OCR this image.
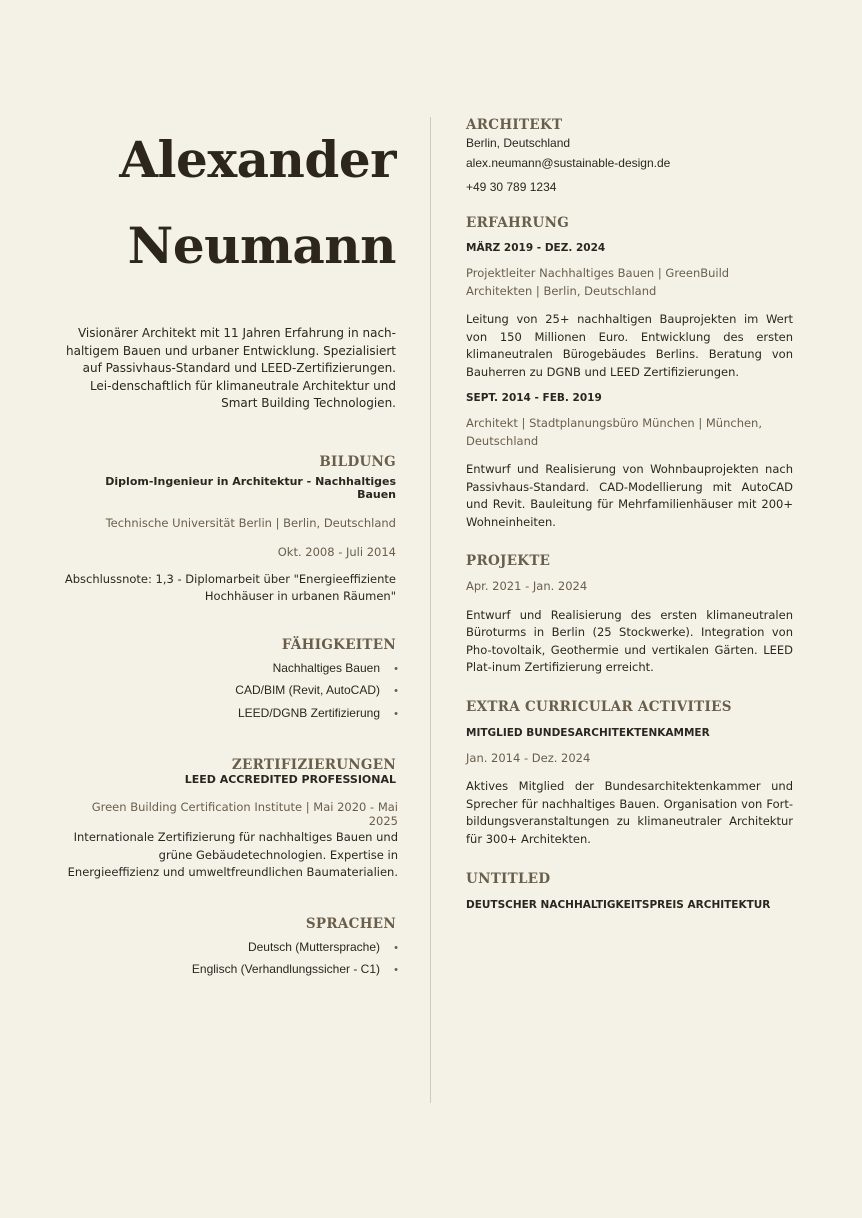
Alexander
Neumann
Visionärer Architekt mit 11 Jahren Erfahrung in nach-haltigem Bauen und urbaner Entwicklung. Spezialisiert auf Passivhaus-Standard und LEED-Zertifizierungen. Lei-denschaftlich für klimaneutrale Architektur und Smart Building Technologien.
BILDUNG
Diplom-Ingenieur in Architektur - Nachhaltiges Bauen
Technische Universität Berlin | Berlin, Deutschland
Okt. 2008 - Juli 2014
Abschlussnote: 1,3 - Diplomarbeit über "Energieeffiziente Hochhäuser in urbanen Räumen"
FÄHIGKEITEN
Nachhaltiges Bauen •
CAD/BIM (Revit, AutoCAD) •
LEED/DGNB Zertifizierung •
ZERTIFIZIERUNGEN
LEED ACCREDITED PROFESSIONAL
Green Building Certification Institute | Mai 2020 - Mai 2025
Internationale Zertifizierung für nachhaltiges Bauen und grüne Gebäudetechnologien. Expertise in Energieeffizienz und umweltfreundlichen Baumaterialien.
SPRACHEN
Deutsch (Muttersprache) •
Englisch (Verhandlungssicher - C1) •
ARCHITEKT
Berlin, Deutschland
alex.neumann@sustainable-design.de
+49 30 789 1234
ERFAHRUNG
MÄRZ 2019 - DEZ. 2024
Projektleiter Nachhaltiges Bauen | GreenBuild Architekten | Berlin, Deutschland
Leitung von 25+ nachhaltigen Bauprojekten im Wert von 150 Millionen Euro. Entwicklung des ersten klimaneutralen Bürogebäudes Berlins. Beratung von Bauherren zu DGNB und LEED Zertifizierungen.
SEPT. 2014 - FEB. 2019
Architekt | Stadtplanungsbüro München | München, Deutschland
Entwurf und Realisierung von Wohnbauprojekten nach Passivhaus-Standard. CAD-Modellierung mit AutoCAD und Revit. Bauleitung für Mehrfamilienhäuser mit 200+ Wohneinheiten.
PROJEKTE
Apr. 2021 - Jan. 2024
Entwurf und Realisierung des ersten klimaneutralen Büroturms in Berlin (25 Stockwerke). Integration von Pho-tovoltaik, Geothermie und vertikalen Gärten. LEED Plat-inum Zertifizierung erreicht.
EXTRA CURRICULAR ACTIVITIES
MITGLIED BUNDESARCHITEKTENKAMMER
Jan. 2014 - Dez. 2024
Aktives Mitglied der Bundesarchitektenkammer und Sprecher für nachhaltiges Bauen. Organisation von Fort-bildungsveranstaltungen zu klimaneutraler Architektur für 300+ Architekten.
UNTITLED
DEUTSCHER NACHHALTIGKEITSPREIS ARCHITEKTUR
